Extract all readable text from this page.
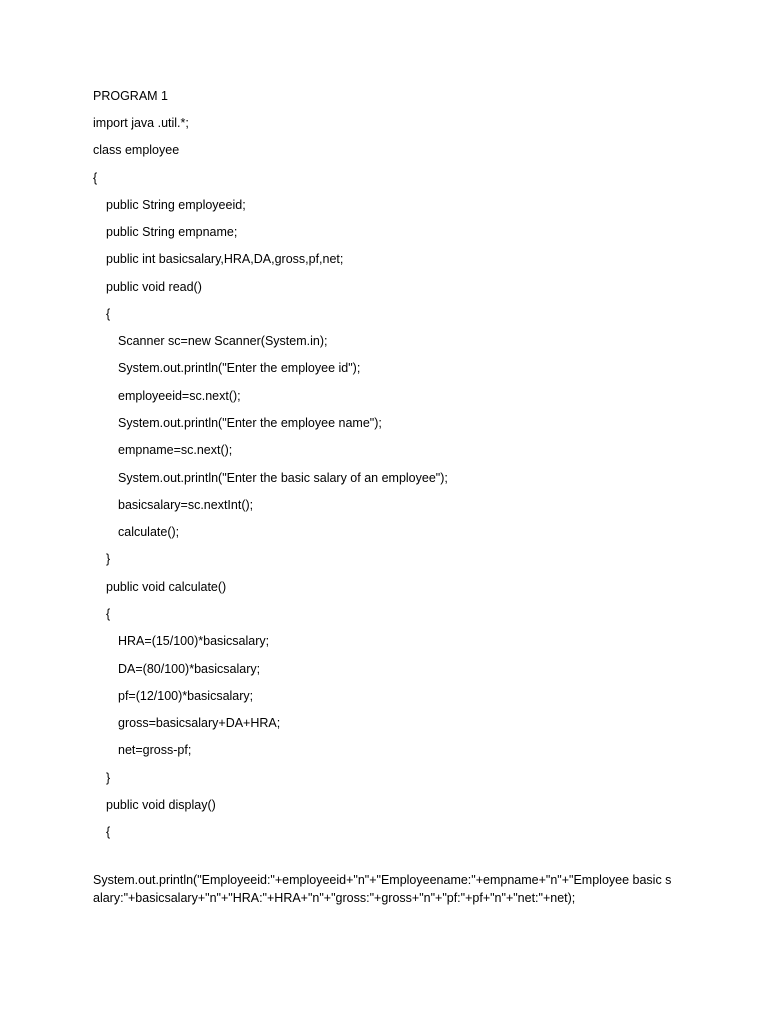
PROGRAM 1
import java .util.*;
class employee
{
public String employeeid;
public String empname;
public int basicsalary,HRA,DA,gross,pf,net;
public void read()
{
Scanner sc=new Scanner(System.in);
System.out.println("Enter the employee id");
employeeid=sc.next();
System.out.println("Enter the employee name");
empname=sc.next();
System.out.println("Enter the basic salary of an employee");
basicsalary=sc.nextInt();
calculate();
}
public void calculate()
{
HRA=(15/100)*basicsalary;
DA=(80/100)*basicsalary;
pf=(12/100)*basicsalary;
gross=basicsalary+DA+HRA;
net=gross-pf;
}
public void display()
{
System.out.println("Employeeid:"+employeeid+"n"+"Employeename:"+empname+"n"+"Employee basic salary:"+basicsalary+"n"+"HRA:"+HRA+"n"+"gross:"+gross+"n"+"pf:"+pf+"n"+"net:"+net);
